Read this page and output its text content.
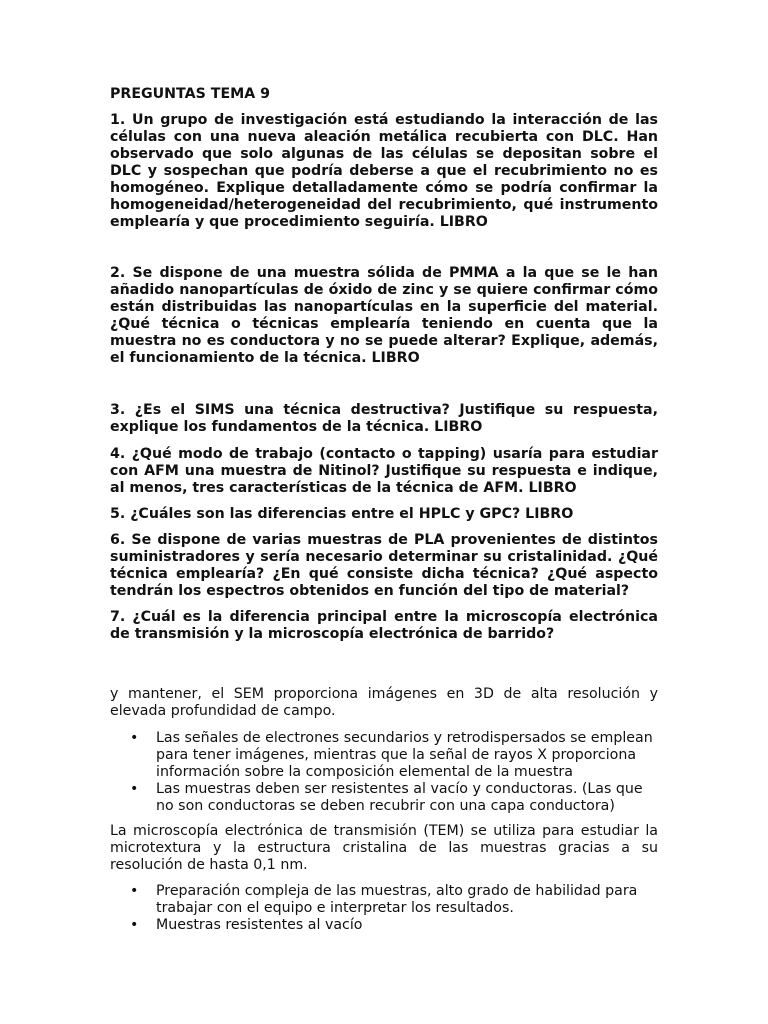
PREGUNTAS TEMA 9

1. Un grupo de investigación está estudiando la interacción de las células con una nueva aleación metálica recubierta con DLC. Han observado que solo algunas de las células se depositan sobre el DLC y sospechan que podría deberse a que el recubrimiento no es homogéneo. Explique detalladamente cómo se podría confirmar la homogeneidad/heterogeneidad del recubrimiento, qué instrumento emplearía y que procedimiento seguiría. LIBRO

2. Se dispone de una muestra sólida de PMMA a la que se le han añadido nanopartículas de óxido de zinc y se quiere confirmar cómo están distribuidas las nanopartículas en la superficie del material. ¿Qué técnica o técnicas emplearía teniendo en cuenta que la muestra no es conductora y no se puede alterar? Explique, además, el funcionamiento de la técnica. LIBRO

3. ¿Es el SIMS una técnica destructiva? Justifique su respuesta, explique los fundamentos de la técnica. LIBRO

4. ¿Qué modo de trabajo (contacto o tapping) usaría para estudiar con AFM una muestra de Nitinol? Justifique su respuesta e indique, al menos, tres características de la técnica de AFM. LIBRO

5. ¿Cuáles son las diferencias entre el HPLC y GPC? LIBRO

6. Se dispone de varias muestras de PLA provenientes de distintos suministradores y sería necesario determinar su cristalinidad. ¿Qué técnica emplearía? ¿En qué consiste dicha técnica? ¿Qué aspecto tendrán los espectros obtenidos en función del tipo de material?

7. ¿Cuál es la diferencia principal entre la microscopía electrónica de transmisión y la microscopía electrónica de barrido?

y mantener, el SEM proporciona imágenes en 3D de alta resolución y elevada profundidad de campo.

• Las señales de electrones secundarios y retrodispersados se emplean para tener imágenes, mientras que la señal de rayos X proporciona información sobre la composición elemental de la muestra
• Las muestras deben ser resistentes al vacío y conductoras. (Las que no son conductoras se deben recubrir con una capa conductora)

La microscopía electrónica de transmisión (TEM) se utiliza para estudiar la microtextura y la estructura cristalina de las muestras gracias a su resolución de hasta 0,1 nm.

• Preparación compleja de las muestras, alto grado de habilidad para trabajar con el equipo e interpretar los resultados.
• Muestras resistentes al vacío
